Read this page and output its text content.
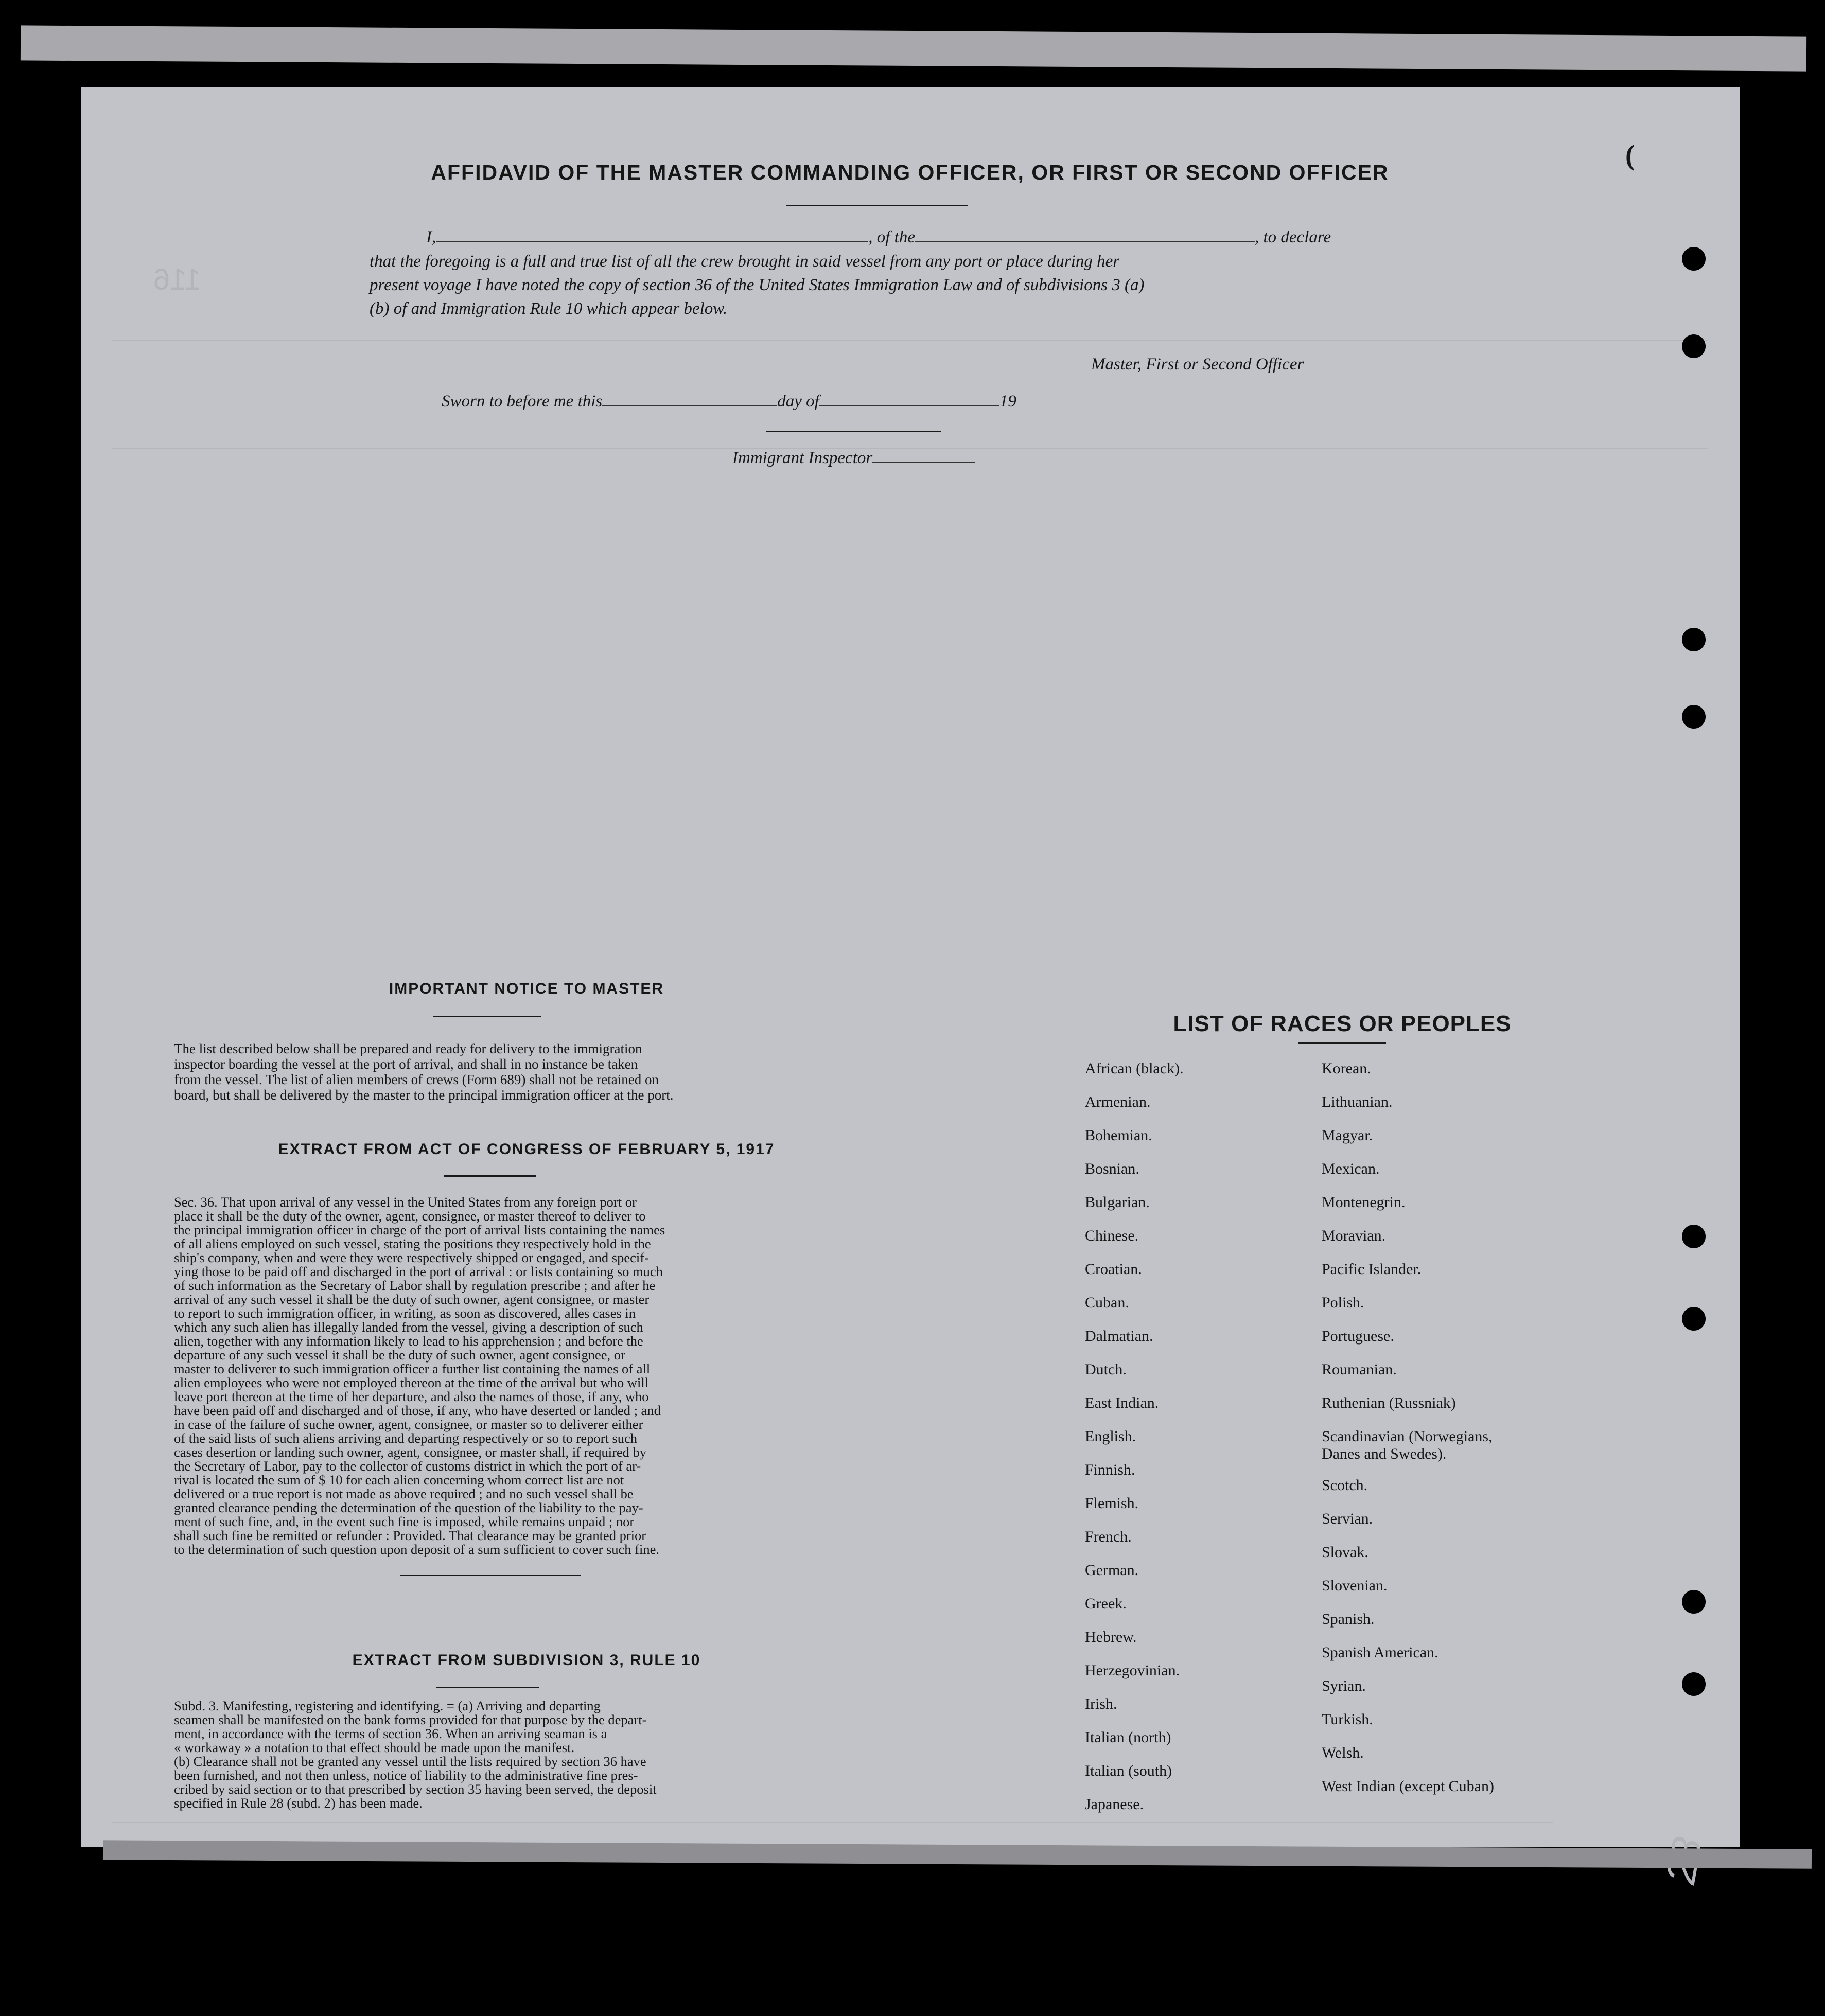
116
(
AFFIDAVID OF THE MASTER COMMANDING OFFICER, OR FIRST OR SECOND OFFICER
I,	, of the	, to declare
that the foregoing is a full and true list of all the crew brought in said vessel from any port or place during her
present voyage I have noted the copy of section 36 of the United States Immigration Law and of subdivisions 3 (a)
(b) of and Immigration Rule 10 which appear below.
Master, First or Second Officer
Sworn to before me this	day of	19
Immigrant Inspector
IMPORTANT NOTICE TO MASTER
The list described below shall be prepared and ready for delivery to the immigration
inspector boarding the vessel at the port of arrival, and shall in no instance be taken
from the vessel. The list of alien members of crews (Form 689) shall not be retained on
board, but shall be delivered by the master to the principal immigration officer at the port.
EXTRACT FROM ACT OF CONGRESS OF FEBRUARY 5, 1917
Sec. 36. That upon arrival of any vessel in the United States from any foreign port or
place it shall be the duty of the owner, agent, consignee, or master thereof to deliver to
the principal immigration officer in charge of the port of arrival lists containing the names
of all aliens employed on such vessel, stating the positions they respectively hold in the
ship's company, when and were they were respectively shipped or engaged, and specif-
ying those to be paid off and discharged in the port of arrival : or lists containing so much
of such information as the Secretary of Labor shall by regulation prescribe ; and after he
arrival of any such vessel it shall be the duty of such owner, agent consignee, or master
to report to such immigration officer, in writing, as soon as discovered, alles cases in
which any such alien has illegally landed from the vessel, giving a description of such
alien, together with any information likely to lead to his apprehension ; and before the
departure of any such vessel it shall be the duty of such owner, agent consignee, or
master to deliverer to such immigration officer a further list containing the names of all
alien employees who were not employed thereon at the time of the arrival but who will
leave port thereon at the time of her departure, and also the names of those, if any, who
have been paid off and discharged and of those, if any, who have deserted or landed ; and
in case of the failure of suche owner, agent, consignee, or master so to deliverer either
of the said lists of such aliens arriving and departing respectively or so to report such
cases desertion or landing such owner, agent, consignee, or master shall, if required by
the Secretary of Labor, pay to the collector of customs district in which the port of ar-
rival is located the sum of $ 10 for each alien concerning whom correct list are not
delivered or a true report is not made as above required ; and no such vessel shall be
granted clearance pending the determination of the question of the liability to the pay-
ment of such fine, and, in the event such fine is imposed, while remains unpaid ; nor
shall such fine be remitted or refunder : Provided. That clearance may be granted prior
to the determination of such question upon deposit of a sum sufficient to cover such fine.
EXTRACT FROM SUBDIVISION 3, RULE 10
Subd. 3. Manifesting, registering and identifying. = (a) Arriving and departing
seamen shall be manifested on the bank forms provided for that purpose by the depart-
ment, in accordance with the terms of section 36. When an arriving seaman is a
« workaway » a notation to that effect should be made upon the manifest.
(b) Clearance shall not be granted any vessel until the lists required by section 36 have
been furnished, and not then unless, notice of liability to the administrative fine pres-
cribed by said section or to that prescribed by section 35 having been served, the deposit
specified in Rule 28 (subd. 2) has been made.
LIST OF RACES OR PEOPLES
African (black).
Armenian.
Bohemian.
Bosnian.
Bulgarian.
Chinese.
Croatian.
Cuban.
Dalmatian.
Dutch.
East Indian.
English.
Finnish.
Flemish.
French.
German.
Greek.
Hebrew.
Herzegovinian.
Irish.
Italian (north)
Italian (south)
Japanese.
Korean.
Lithuanian.
Magyar.
Mexican.
Montenegrin.
Moravian.
Pacific Islander.
Polish.
Portuguese.
Roumanian.
Ruthenian (Russniak)
Scandinavian (Norwegians, Danes and Swedes).
Scotch.
Servian.
Slovak.
Slovenian.
Spanish.
Spanish American.
Syrian.
Turkish.
Welsh.
West Indian (except Cuban)
